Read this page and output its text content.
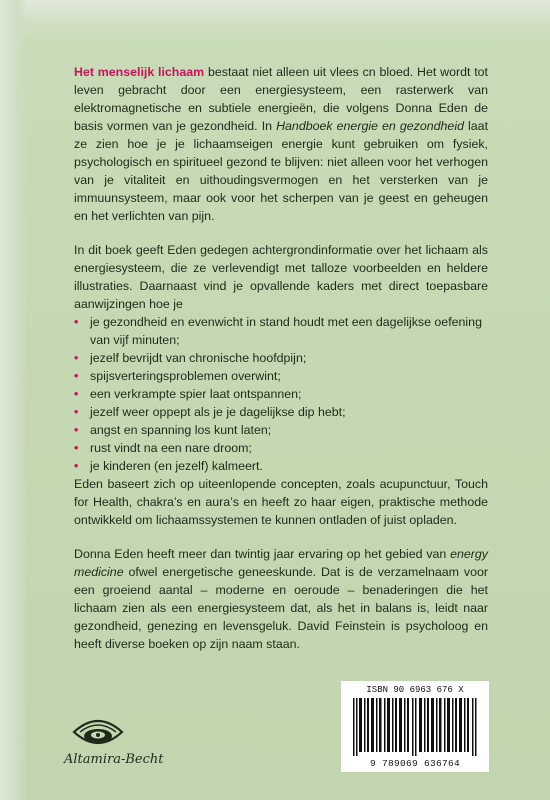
Het menselijk lichaam bestaat niet alleen uit vlees cn bloed. Het wordt tot leven gebracht door een energiesysteem, een rasterwerk van elektromagnetische en subtiele energieën, die volgens Donna Eden de basis vormen van je gezondheid. In Handboek energie en gezondheid laat ze zien hoe je je lichaamseigen energie kunt gebruiken om fysiek, psychologisch en spiritueel gezond te blijven: niet alleen voor het verhogen van je vitaliteit en uithoudingsvermogen en het versterken van je immuunsysteem, maar ook voor het scherpen van je geest en geheugen en het verlichten van pijn.

In dit boek geeft Eden gedegen achtergrondinformatie over het lichaam als energiesysteem, die ze verlevendigt met talloze voorbeelden en heldere illustraties. Daarnaast vind je opvallende kaders met direct toepasbare aanwijzingen hoe je

• je gezondheid en evenwicht in stand houdt met een dagelijkse oefening van vijf minuten;
• jezelf bevrijdt van chronische hoofdpijn;
• spijsverteringsproblemen overwint;
• een verkrampte spier laat ontspannen;
• jezelf weer oppept als je je dagelijkse dip hebt;
• angst en spanning los kunt laten;
• rust vindt na een nare droom;
• je kinderen (en jezelf) kalmeert.

Eden baseert zich op uiteenlopende concepten, zoals acupunctuur, Touch for Health, chakra’s en aura’s en heeft zo haar eigen, praktische methode ontwikkeld om lichaamssystemen te kunnen ontladen of juist opladen.

Donna Eden heeft meer dan twintig jaar ervaring op het gebied van energy medicine ofwel energetische geneeskunde. Dat is de verzamelnaam voor een groeiend aantal – moderne en oeroude – benaderingen die het lichaam zien als een energiesysteem dat, als het in balans is, leidt naar gezondheid, genezing en levensgeluk. David Feinstein is psycholoog en heeft diverse boeken op zijn naam staan.

Altamira-Becht
ISBN 90 6963 676 X
9 789069 636764
